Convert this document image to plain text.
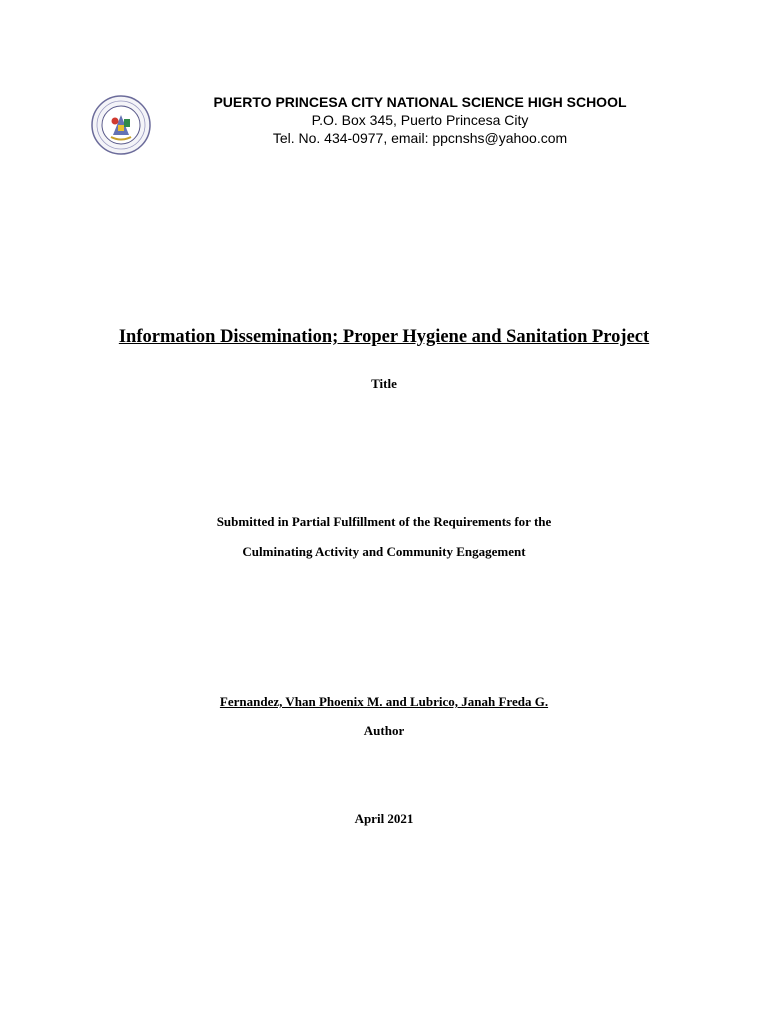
PUERTO PRINCESA CITY NATIONAL SCIENCE HIGH SCHOOL
P.O. Box 345, Puerto Princesa City
Tel. No. 434-0977, email: ppcnshs@yahoo.com
Information Dissemination; Proper Hygiene and Sanitation Project
Title
Submitted in Partial Fulfillment of the Requirements for the
Culminating Activity and Community Engagement
Fernandez, Vhan Phoenix M. and Lubrico, Janah Freda G.
Author
April 2021
